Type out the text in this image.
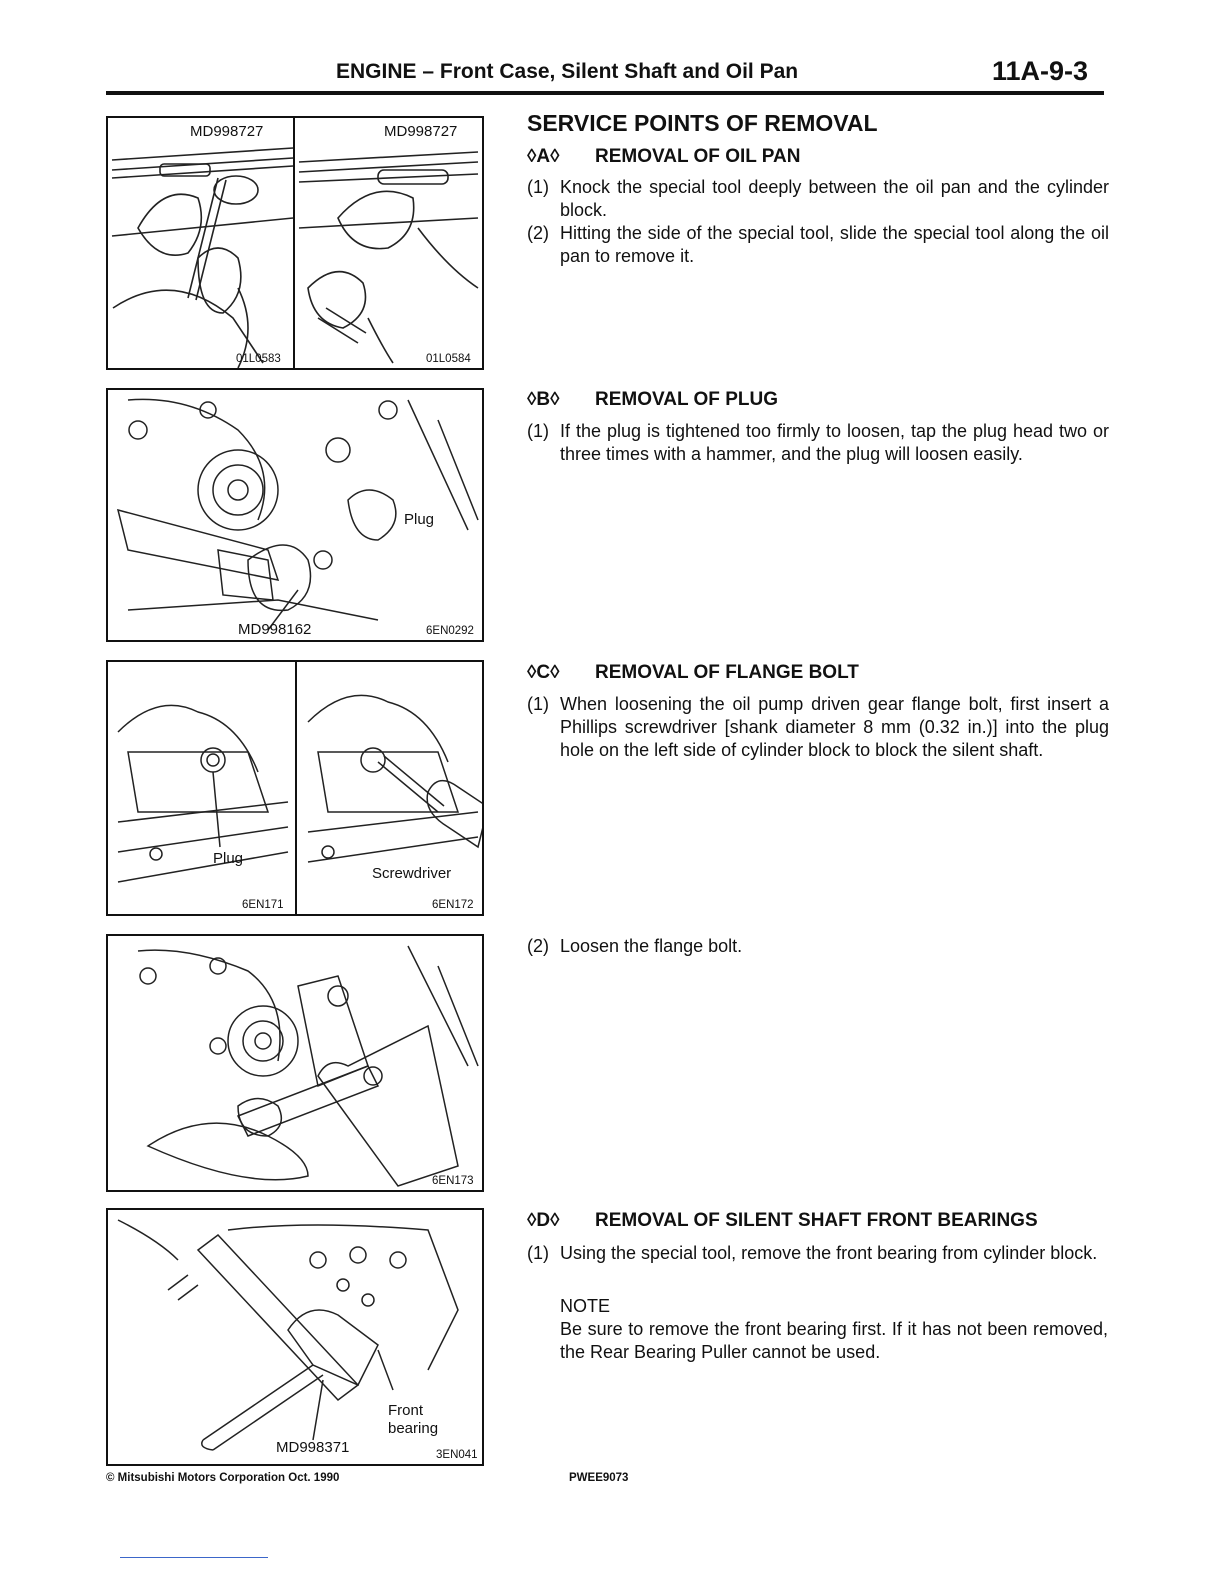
ENGINE – Front Case, Silent Shaft and Oil Pan	11A-9-3
MD998727	MD998727
01L0583	01L0584
Plug
MD998162	6EN0292
Plug
Screwdriver
6EN171	6EN172
6EN173
Front
bearing
MD998371	3EN041
SERVICE POINTS OF REMOVAL
◊A◊ REMOVAL OF OIL PAN
(1) Knock the special tool deeply between the oil pan and the cylinder block.
(2) Hitting the side of the special tool, slide the special tool along the oil pan to remove it.
◊B◊ REMOVAL OF PLUG
(1) If the plug is tightened too firmly to loosen, tap the plug head two or three times with a hammer, and the plug will loosen easily.
◊C◊ REMOVAL OF FLANGE BOLT
(1) When loosening the oil pump driven gear flange bolt, first insert a Phillips screwdriver [shank diameter 8 mm (0.32 in.)] into the plug hole on the left side of cylinder block to block the silent shaft.
(2) Loosen the flange bolt.
◊D◊ REMOVAL OF SILENT SHAFT FRONT BEARINGS
(1) Using the special tool, remove the front bearing from cylinder block.
NOTE
Be sure to remove the front bearing first. If it has not been removed, the Rear Bearing Puller cannot be used.
© Mitsubishi Motors Corporation Oct. 1990	PWEE9073
